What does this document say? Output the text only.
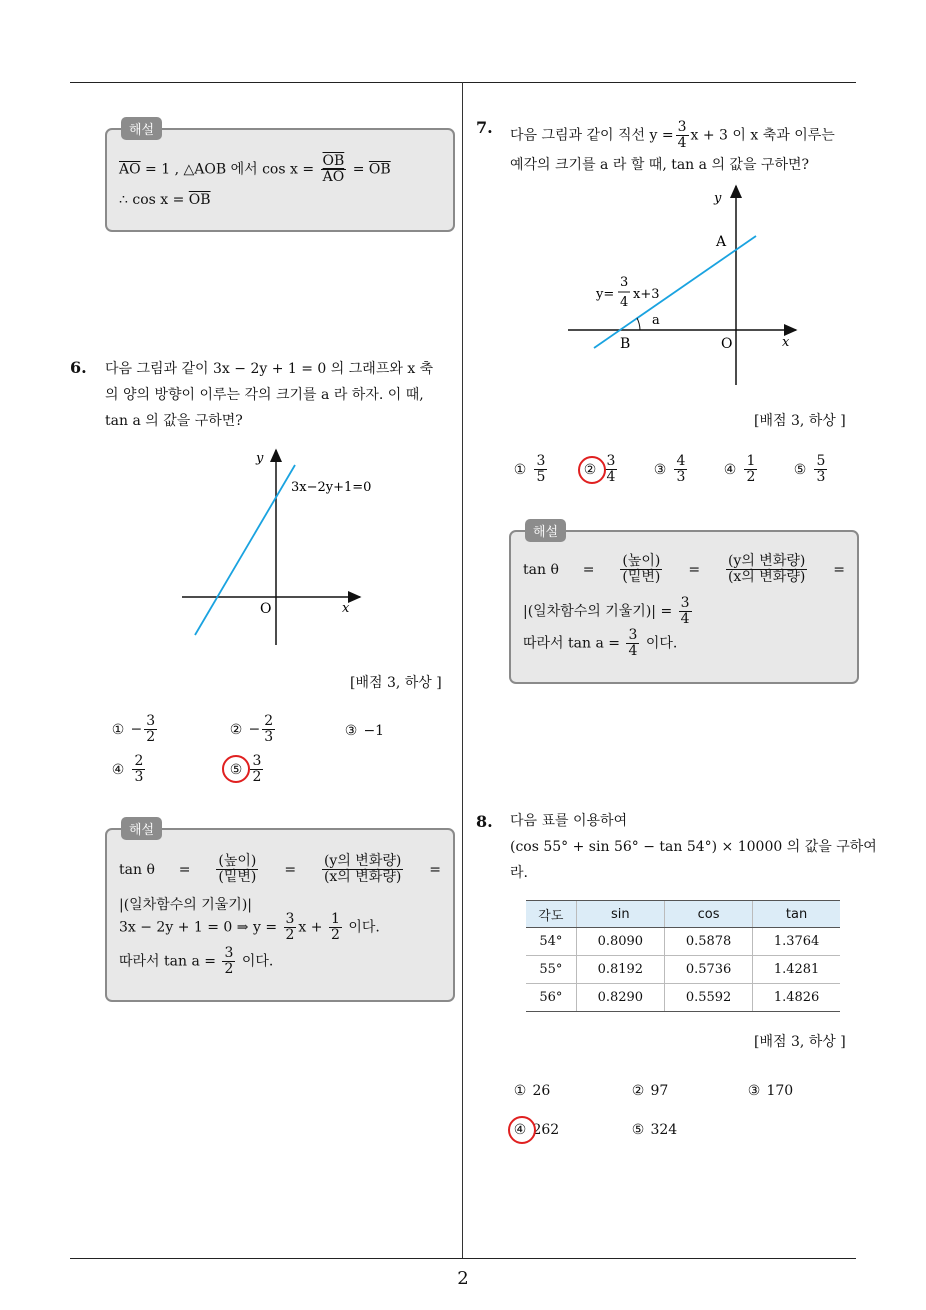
해설
$\overline{AO} = 1$ , △AOB 에서 $\cos x = \frac{\overline{OB}}{AO} = \overline{OB}$
∴ $\cos x = \overline{OB}$
6. 다음 그림과 같이 3x − 2y + 1 = 0 의 그래프와 x 축
의 양의 방향이 이루는 각의 크기를 a 라 하자. 이 때,
tan a 의 값을 구하면?
y
x
O
3x−2y+1=0
[배점 3, 하상 ]
① − $\frac{3}{2}$	② − $\frac{2}{3}$	③ −1
④ $\frac{2}{3}$	⑤ $\frac{3}{2}$
해설
$\tan \theta = \frac{\text{(높이)}}{\text{(밑변)}} = \frac{\text{(y의 변화량)}}{\text{(x의 변화량)}}$ =
|(일차함수의 기울기)|
3x − 2y + 1 = 0 ⇒ $y = \frac{3}{2}$ $x + \frac{1}{2}$ 이다.
따라서 $\tan a = \frac{3}{2}$ 이다.
7. 다음 그림과 같이 직선 $y = \frac{3}{4}$ x + 3 이 x 축과 이루는
예각의 크기를 a 라 할 때, tan a 의 값을 구하면?
y
x
O
A
B
a
y=
3
4
x+3
[배점 3, 하상 ]
① $\frac{3}{5}$	② $\frac{3}{4}$	③ $\frac{4}{3}$	④ $\frac{1}{2}$	⑤ $\frac{5}{3}$
해설
$\tan \theta = \frac{\text{(높이)}}{\text{(밑변)}} = \frac{\text{(y의 변화량)}}{\text{(x의 변화량)}}$ =
|(일차함수의 기울기)| = $\frac{3}{4}$
따라서 $\tan a = \frac{3}{4}$ 이다.
8. 다음 표를 이용하여
(cos 55° + sin 56° − tan 54°) × 10000 의 값을 구하여
라.
각도	sin	cos	tan
54°	0.8090	0.5878	1.3764
55°	0.8192	0.5736	1.4281
56°	0.8290	0.5592	1.4826
[배점 3, 하상 ]
① 26	② 97	③ 170
④ 262	⑤ 324
2
